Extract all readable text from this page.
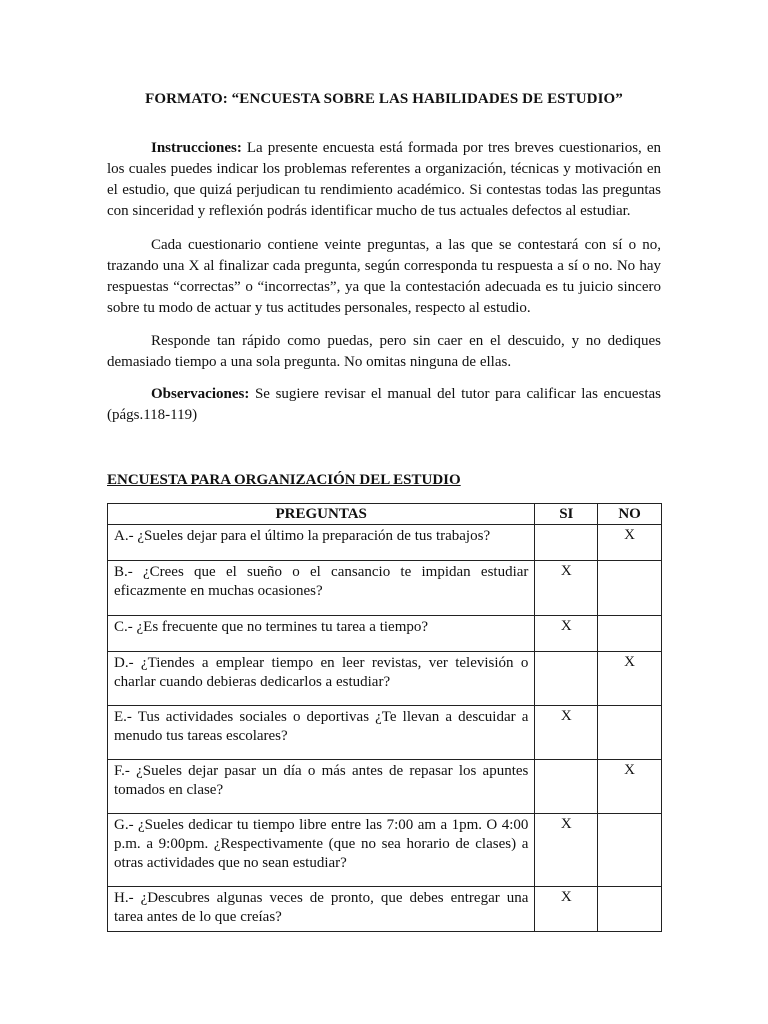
FORMATO: “ENCUESTA SOBRE LAS HABILIDADES DE ESTUDIO”

Instrucciones: La presente encuesta está formada por tres breves cuestionarios, en los cuales puedes indicar los problemas referentes a organización, técnicas y motivación en el estudio, que quizá perjudican tu rendimiento académico. Si contestas todas las preguntas con sinceridad y reflexión podrás identificar mucho de tus actuales defectos al estudiar.

Cada cuestionario contiene veinte preguntas, a las que se contestará con sí o no, trazando una X al finalizar cada pregunta, según corresponda tu respuesta a sí o no. No hay respuestas “correctas” o “incorrectas”, ya que la contestación adecuada es tu juicio sincero sobre tu modo de actuar y tus actitudes personales, respecto al estudio.

Responde tan rápido como puedas, pero sin caer en el descuido, y no dediques demasiado tiempo a una sola pregunta. No omitas ninguna de ellas.

Observaciones: Se sugiere revisar el manual del tutor para calificar las encuestas (págs.118-119)

ENCUESTA PARA ORGANIZACIÓN DEL ESTUDIO
PREGUNTAS	SI	NO
A.- ¿Sueles dejar para el último la preparación de tus trabajos?		X
B.- ¿Crees que el sueño o el cansancio te impidan estudiar eficazmente en muchas ocasiones?	X	
C.- ¿Es frecuente que no termines tu tarea a tiempo?	X	
D.- ¿Tiendes a emplear tiempo en leer revistas, ver televisión o charlar cuando debieras dedicarlos a estudiar?		X
E.- Tus actividades sociales o deportivas ¿Te llevan a descuidar a menudo tus tareas escolares?	X	
F.- ¿Sueles dejar pasar un día o más antes de repasar los apuntes tomados en clase?		X
G.- ¿Sueles dedicar tu tiempo libre entre las 7:00 am a 1pm. O 4:00 p.m. a 9:00pm. ¿Respectivamente (que no sea horario de clases) a otras actividades que no sean estudiar?	X	
H.- ¿Descubres algunas veces de pronto, que debes entregar una tarea antes de lo que creías?	X	
